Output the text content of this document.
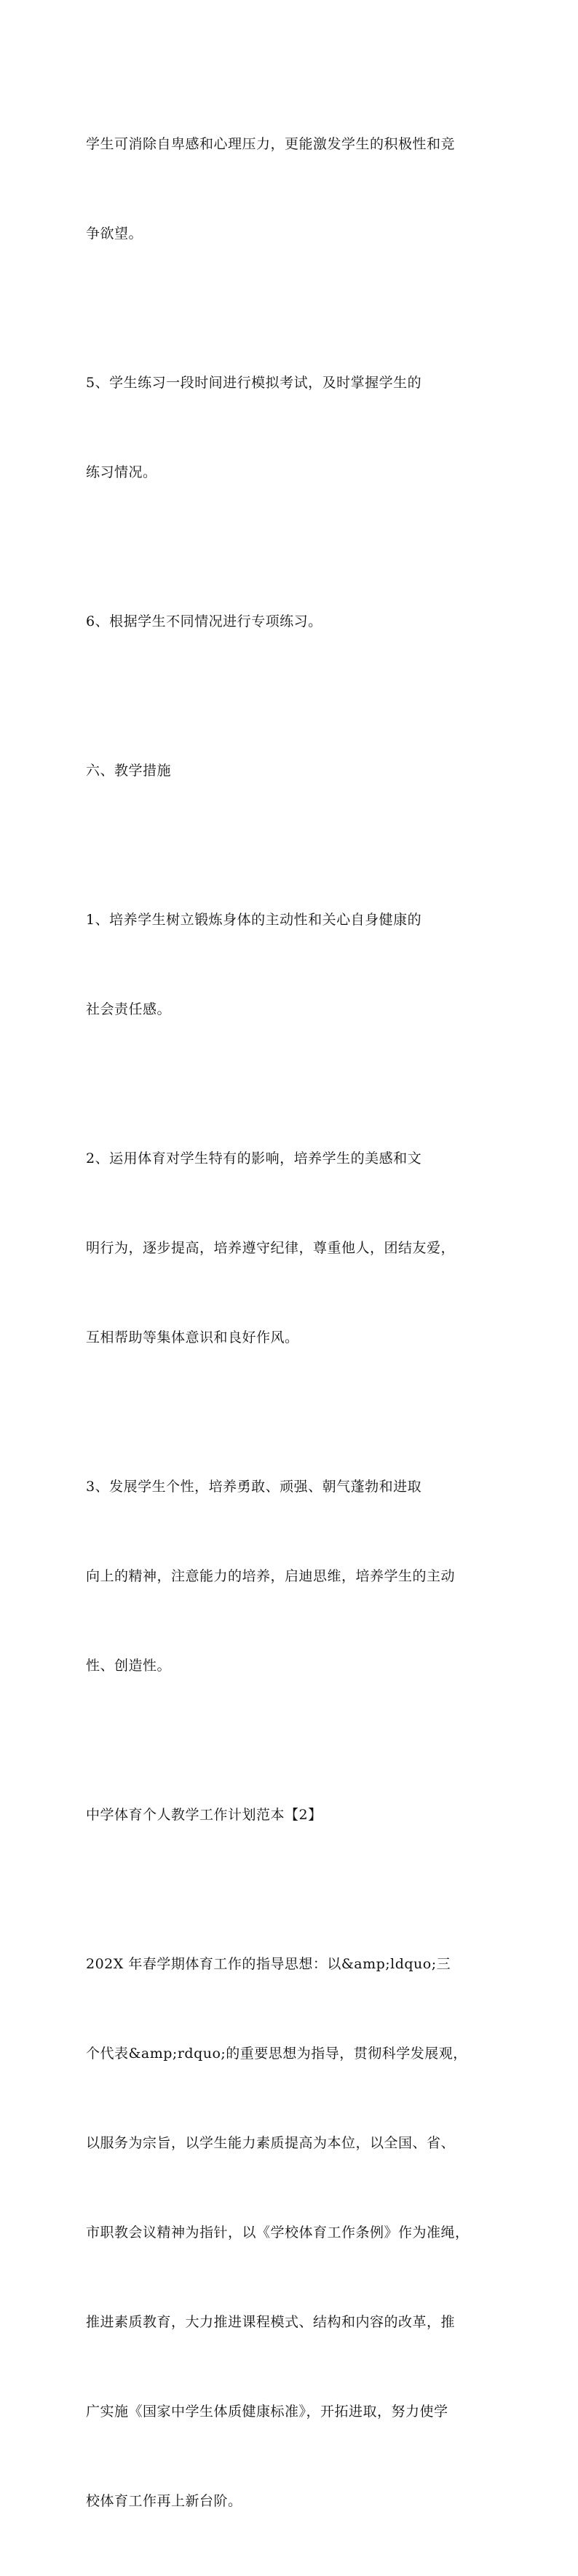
学生可消除自卑感和心理压力，更能激发学生的积极性和竞

争欲望。

5、学生练习一段时间进行模拟考试，及时掌握学生的

练习情况。

6、根据学生不同情况进行专项练习。

六、教学措施

1、培养学生树立锻炼身体的主动性和关心自身健康的

社会责任感。

2、运用体育对学生特有的影响，培养学生的美感和文

明行为，逐步提高，培养遵守纪律，尊重他人，团结友爱，

互相帮助等集体意识和良好作风。

3、发展学生个性，培养勇敢、顽强、朝气蓬勃和进取

向上的精神，注意能力的培养，启迪思维，培养学生的主动

性、创造性。

中学体育个人教学工作计划范本【2】

202X 年春学期体育工作的指导思想：以&amp;ldquo;三

个代表&amp;rdquo;的重要思想为指导，贯彻科学发展观，

以服务为宗旨，以学生能力素质提高为本位，以全国、省、

市职教会议精神为指针，以《学校体育工作条例》作为准绳，

推进素质教育，大力推进课程模式、结构和内容的改革，推

广实施《国家中学生体质健康标准》，开拓进取，努力使学

校体育工作再上新台阶。
